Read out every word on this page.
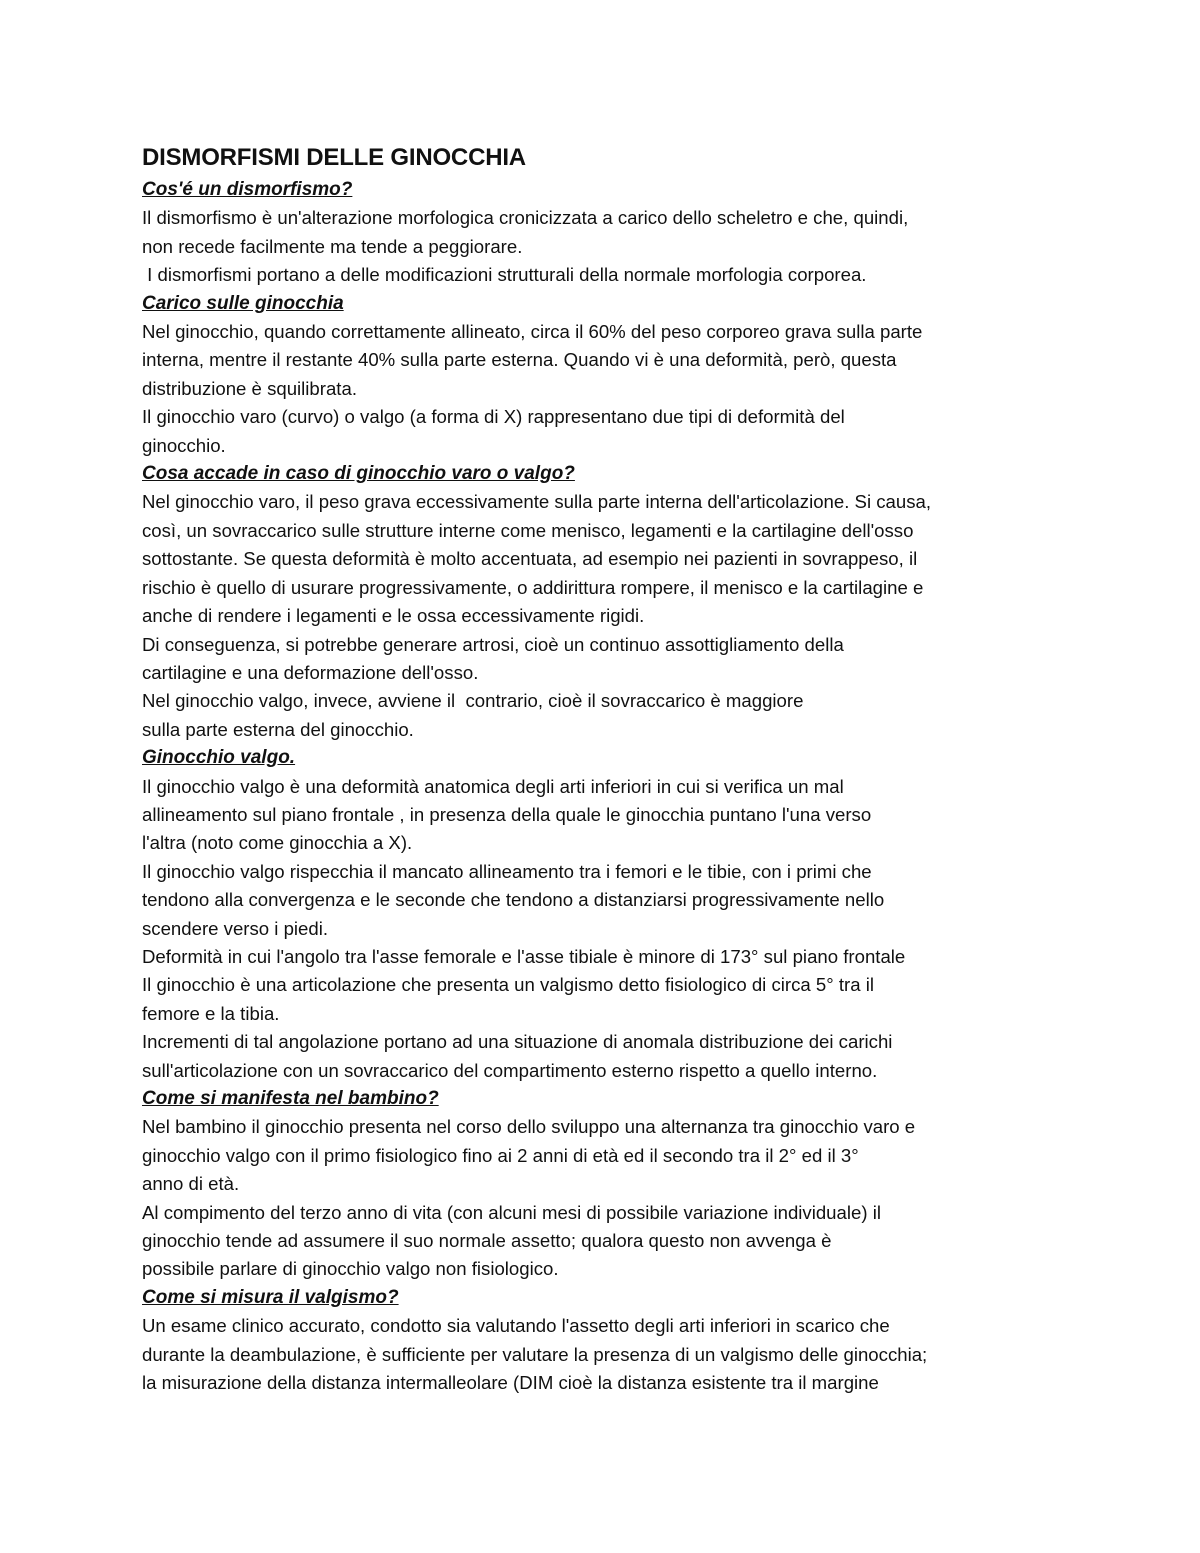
DISMORFISMI DELLE GINOCCHIA
Cos'é un dismorfismo?

Il dismorfismo è un'alterazione morfologica cronicizzata a carico dello scheletro e che, quindi,

non recede facilmente ma tende a peggiorare.

I dismorfismi portano a delle modificazioni strutturali della normale morfologia corporea.

Carico sulle ginocchia

Nel ginocchio, quando correttamente allineato, circa il 60% del peso corporeo grava sulla parte

interna, mentre il restante 40% sulla parte esterna. Quando vi è una deformità, però, questa

distribuzione è squilibrata.

Il ginocchio varo (curvo) o valgo (a forma di X) rappresentano due tipi di deformità del

ginocchio.

Cosa accade in caso di ginocchio varo o valgo?

Nel ginocchio varo, il peso grava eccessivamente sulla parte interna dell'articolazione. Si causa,

così, un sovraccarico sulle strutture interne come menisco, legamenti e la cartilagine dell'osso

sottostante. Se questa deformità è molto accentuata, ad esempio nei pazienti in sovrappeso, il

rischio è quello di usurare progressivamente, o addirittura rompere, il menisco e la cartilagine e

anche di rendere i legamenti e le ossa eccessivamente rigidi.

Di conseguenza, si potrebbe generare artrosi, cioè un continuo assottigliamento della

cartilagine e una deformazione dell'osso.

Nel ginocchio valgo, invece, avviene il  contrario, cioè il sovraccarico è maggiore

sulla parte esterna del ginocchio.

Ginocchio valgo.

Il ginocchio valgo è una deformità anatomica degli arti inferiori in cui si verifica un mal

allineamento sul piano frontale , in presenza della quale le ginocchia puntano l'una verso

l'altra (noto come ginocchia a X).

Il ginocchio valgo rispecchia il mancato allineamento tra i femori e le tibie, con i primi che

tendono alla convergenza e le seconde che tendono a distanziarsi progressivamente nello

scendere verso i piedi.

Deformità in cui l'angolo tra l'asse femorale e l'asse tibiale è minore di 173° sul piano frontale

Il ginocchio è una articolazione che presenta un valgismo detto fisiologico di circa 5° tra il

femore e la tibia.

Incrementi di tal angolazione portano ad una situazione di anomala distribuzione dei carichi

sull'articolazione con un sovraccarico del compartimento esterno rispetto a quello interno.

Come si manifesta nel bambino?

Nel bambino il ginocchio presenta nel corso dello sviluppo una alternanza tra ginocchio varo e

ginocchio valgo con il primo fisiologico fino ai 2 anni di età ed il secondo tra il 2° ed il 3°

anno di età.

Al compimento del terzo anno di vita (con alcuni mesi di possibile variazione individuale) il

ginocchio tende ad assumere il suo normale assetto; qualora questo non avvenga è

possibile parlare di ginocchio valgo non fisiologico.

Come si misura il valgismo?

Un esame clinico accurato, condotto sia valutando l'assetto degli arti inferiori in scarico che

durante la deambulazione, è sufficiente per valutare la presenza di un valgismo delle ginocchia;

la misurazione della distanza intermalleolare (DIM cioè la distanza esistente tra il margine
